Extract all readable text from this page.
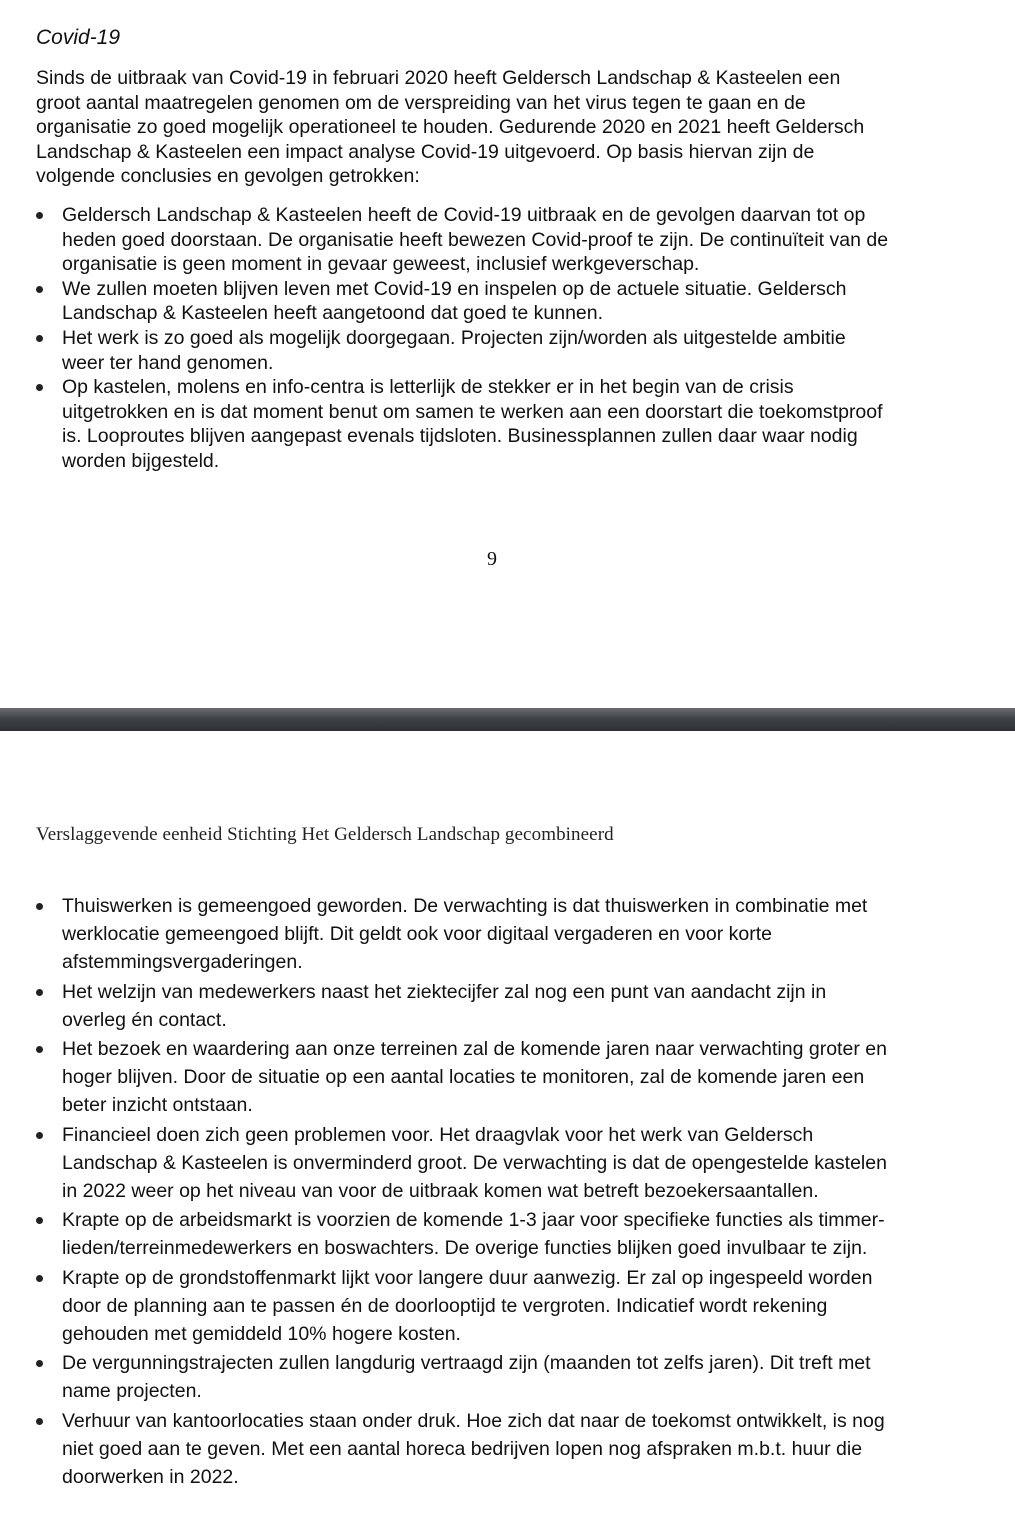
Covid-19

Sinds de uitbraak van Covid-19 in februari 2020 heeft Geldersch Landschap & Kasteelen een
groot aantal maatregelen genomen om de verspreiding van het virus tegen te gaan en de
organisatie zo goed mogelijk operationeel te houden. Gedurende 2020 en 2021 heeft Geldersch
Landschap & Kasteelen een impact analyse Covid-19 uitgevoerd. Op basis hiervan zijn de
volgende conclusies en gevolgen getrokken:

Geldersch Landschap & Kasteelen heeft de Covid-19 uitbraak en de gevolgen daarvan tot op
heden goed doorstaan. De organisatie heeft bewezen Covid-proof te zijn. De continuïteit van de
organisatie is geen moment in gevaar geweest, inclusief werkgeverschap.
We zullen moeten blijven leven met Covid-19 en inspelen op de actuele situatie. Geldersch
Landschap & Kasteelen heeft aangetoond dat goed te kunnen.
Het werk is zo goed als mogelijk doorgegaan. Projecten zijn/worden als uitgestelde ambitie
weer ter hand genomen.
Op kastelen, molens en info-centra is letterlijk de stekker er in het begin van de crisis
uitgetrokken en is dat moment benut om samen te werken aan een doorstart die toekomstproof
is. Looproutes blijven aangepast evenals tijdsloten. Businessplannen zullen daar waar nodig
worden bijgesteld.

9

Verslaggevende eenheid Stichting Het Geldersch Landschap gecombineerd

Thuiswerken is gemeengoed geworden. De verwachting is dat thuiswerken in combinatie met
werklocatie gemeengoed blijft. Dit geldt ook voor digitaal vergaderen en voor korte
afstemmingsvergaderingen.
Het welzijn van medewerkers naast het ziektecijfer zal nog een punt van aandacht zijn in
overleg én contact.
Het bezoek en waardering aan onze terreinen zal de komende jaren naar verwachting groter en
hoger blijven. Door de situatie op een aantal locaties te monitoren, zal de komende jaren een
beter inzicht ontstaan.
Financieel doen zich geen problemen voor. Het draagvlak voor het werk van Geldersch
Landschap & Kasteelen is onverminderd groot. De verwachting is dat de opengestelde kastelen
in 2022 weer op het niveau van voor de uitbraak komen wat betreft bezoekersaantallen.
Krapte op de arbeidsmarkt is voorzien de komende 1-3 jaar voor specifieke functies als timmer-
lieden/terreinmedewerkers en boswachters. De overige functies blijken goed invulbaar te zijn.
Krapte op de grondstoffenmarkt lijkt voor langere duur aanwezig. Er zal op ingespeeld worden
door de planning aan te passen én de doorlooptijd te vergroten. Indicatief wordt rekening
gehouden met gemiddeld 10% hogere kosten.
De vergunningstrajecten zullen langdurig vertraagd zijn (maanden tot zelfs jaren). Dit treft met
name projecten.
Verhuur van kantoorlocaties staan onder druk. Hoe zich dat naar de toekomst ontwikkelt, is nog
niet goed aan te geven. Met een aantal horeca bedrijven lopen nog afspraken m.b.t. huur die
doorwerken in 2022.
